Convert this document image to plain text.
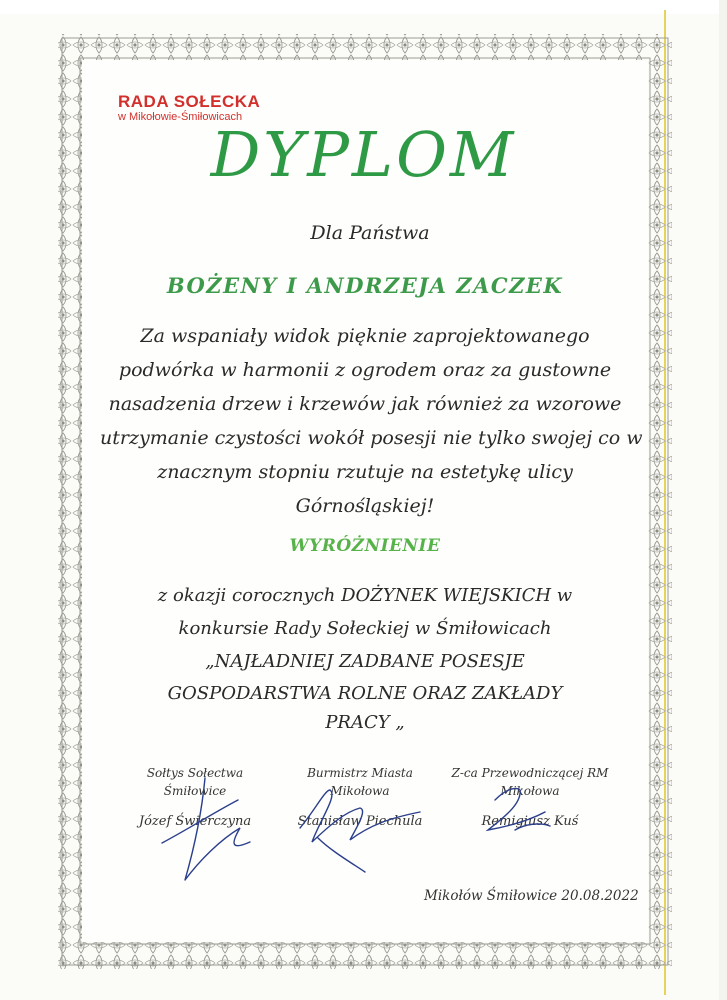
RADA SOŁECKA
w Mikołowie-Śmiłowicach
DYPLOM
Dla Państwa
BOŻENY I ANDRZEJA ZACZEK
Za wspaniały widok pięknie zaprojektowanego
podwórka w harmonii z ogrodem oraz za gustowne
nasadzenia drzew i krzewów jak również za wzorowe
utrzymanie czystości wokół posesji nie tylko swojej co w
znacznym stopniu rzutuje na estetykę ulicy
Górnośląskiej!
WYRÓŻNIENIE
z okazji corocznych DOŻYNEK WIEJSKICH w
konkursie Rady Sołeckiej w Śmiłowicach
„NAJŁADNIEJ ZADBANE POSESJE
GOSPODARSTWA ROLNE ORAZ ZAKŁADY
PRACY „
Sołtys Sołectwa
Śmiłowice
Józef Świerczyna
Burmistrz Miasta
Mikołowa
Stanisław Piechula
Z-ca Przewodniczącej RM
Mikołowa
Remigiusz Kuś
Mikołów Śmiłowice 20.08.2022
